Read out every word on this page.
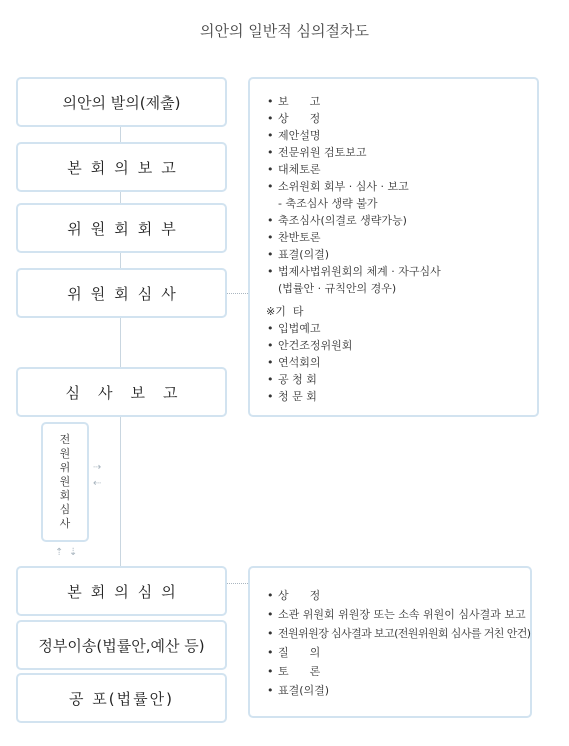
의안의 일반적 심의절차도
의안의 발의(제출)
본회의보고
위원회회부
위원회심사
심사보고
본회의심의
정부이송(법률안,예산 등)
공 포(법률안)
전
원
위
원
회
심
사
⇢
⇠
⇡ ⇣
• 보      고
• 상      정
• 제안설명
• 전문위원 검토보고
• 대체토론
• 소위원회 회부 · 심사 · 보고
- 축조심사 생략 불가
• 축조심사(의결로 생략가능)
• 찬반토론
• 표결(의결)
• 법제사법위원회의 체계 · 자구심사
(법률안 · 규칙안의 경우)
※기  타
• 입법예고
• 안건조정위원회
• 연석회의
• 공 청 회
• 청 문 회
• 상      정
• 소관 위원회 위원장 또는 소속 위원이 심사결과 보고
• 전원위원장 심사결과 보고(전원위원회 심사를 거친 안건)
• 질      의
• 토      론
• 표결(의결)
